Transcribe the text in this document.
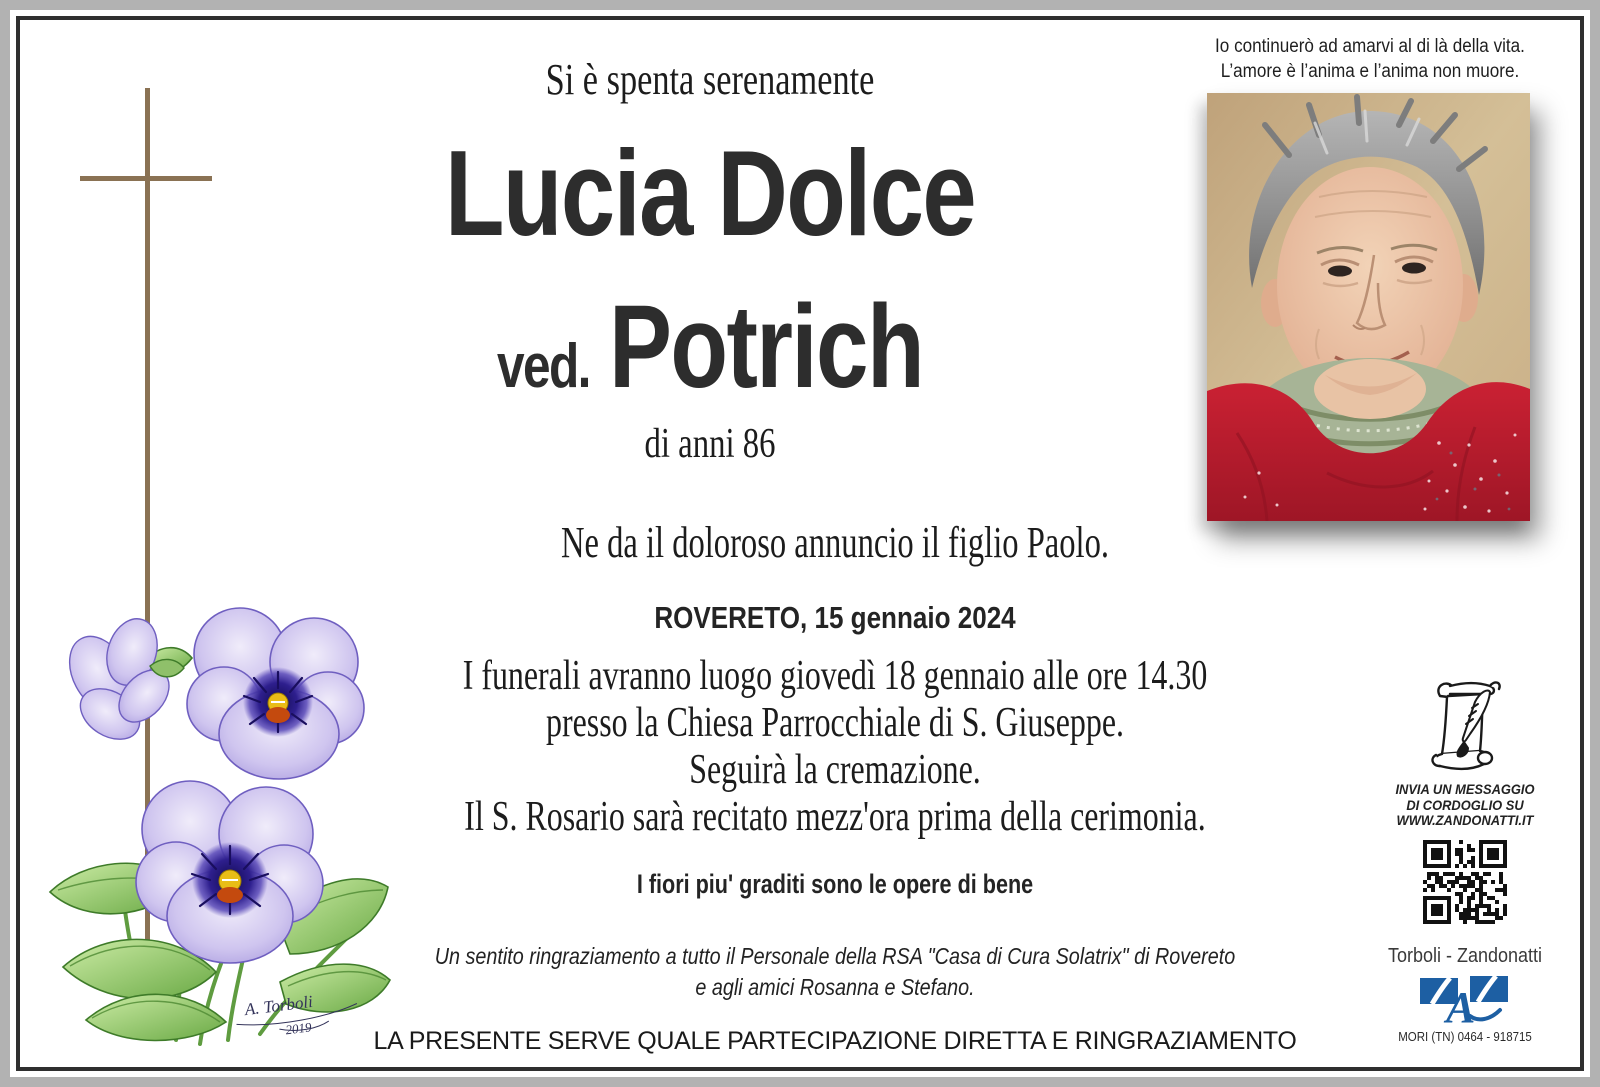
Si è spenta serenamente
Lucia Dolce
ved. Potrich
di anni 86
Ne da il doloroso annuncio il figlio Paolo.
ROVERETO, 15 gennaio 2024
I funerali avranno luogo giovedì 18 gennaio alle ore 14.30
presso la Chiesa Parrocchiale di S. Giuseppe.
Seguirà la cremazione.
Il S. Rosario sarà recitato mezz'ora prima della cerimonia.
I fiori piu' graditi sono le opere di bene
Un sentito ringraziamento a tutto il Personale della RSA "Casa di Cura Solatrix" di Rovereto
e agli amici Rosanna e Stefano.
LA PRESENTE SERVE QUALE PARTECIPAZIONE DIRETTA E RINGRAZIAMENTO
Io continuerò ad amarvi al di là della vita.
L’amore è l’anima e l’anima non muore.
A. Torboli
2019
INVIA UN MESSAGGIO
DI CORDOGLIO SU
WWW.ZANDONATTI.IT
Torboli - Zandonatti
A
MORI (TN) 0464 - 918715
